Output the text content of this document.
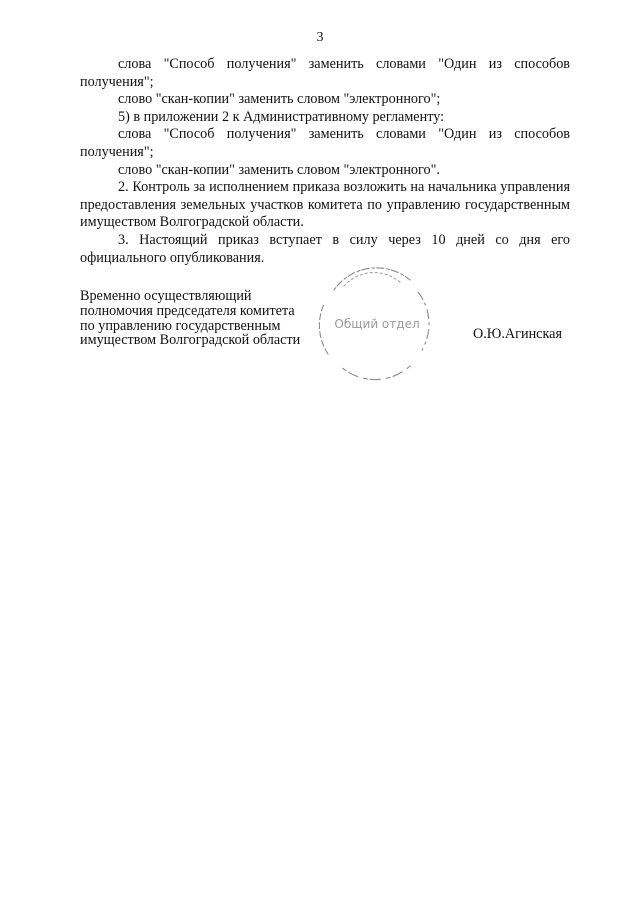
3

слова "Способ получения" заменить словами "Один из способов получения";

слово "скан-копии" заменить словом "электронного";

5) в приложении 2 к Административному регламенту:

слова "Способ получения" заменить словами "Один из способов получения";

слово "скан-копии" заменить словом "электронного".

2. Контроль за исполнением приказа возложить на начальника управления предоставления земельных участков комитета по управлению государственным имуществом Волгоградской области.

3. Настоящий приказ вступает в силу через 10 дней со дня его официального опубликования.

Временно осуществляющий
полномочия председателя комитета
по управлению государственным
имуществом Волгоградской области
Общий отдел
О.Ю.Агинская
